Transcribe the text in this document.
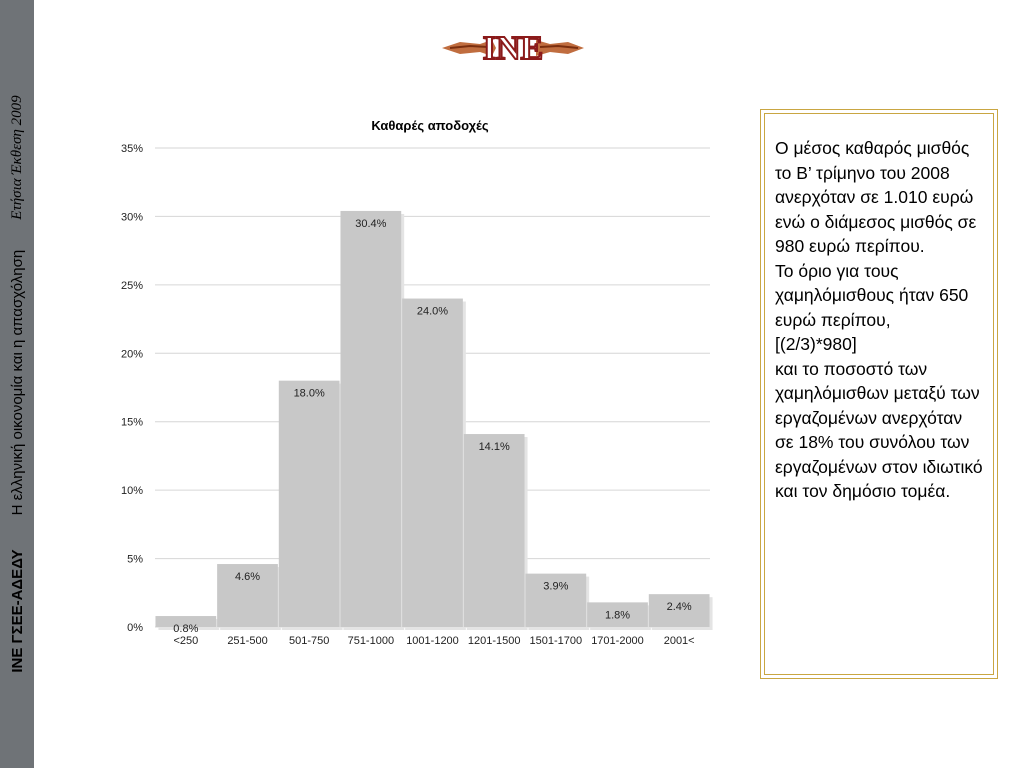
ΙΝΕ ΓΣΕΕ-ΑΔΕΔΥ
Η ελληνική οικονομία και η απασχόληση
Ετήσια Έκθεση 2009
INE
Καθαρές αποδοχές
0%
5%
10%
15%
20%
25%
30%
35%
0.8%
4.6%
18.0%
30.4%
24.0%
14.1%
3.9%
1.8%
2.4%
<250	251-500 501-750 751-1000 1001-1200 1201-1500 1501-1700 1701-2000 2001<
Ο μέσος καθαρός μισθός το Β’ τρίμηνο του 2008 ανερχόταν σε 1.010 ευρώ ενώ ο διάμεσος μισθός σε 980 ευρώ περίπου.
Το όριο για τους χαμηλόμισθους ήταν 650 ευρώ περίπου,
[(2/3)*980]
και το ποσοστό των χαμηλόμισθων μεταξύ των εργαζομένων ανερχόταν σε 18% του συνόλου των εργαζομένων στον ιδιωτικό και τον δημόσιο τομέα.
